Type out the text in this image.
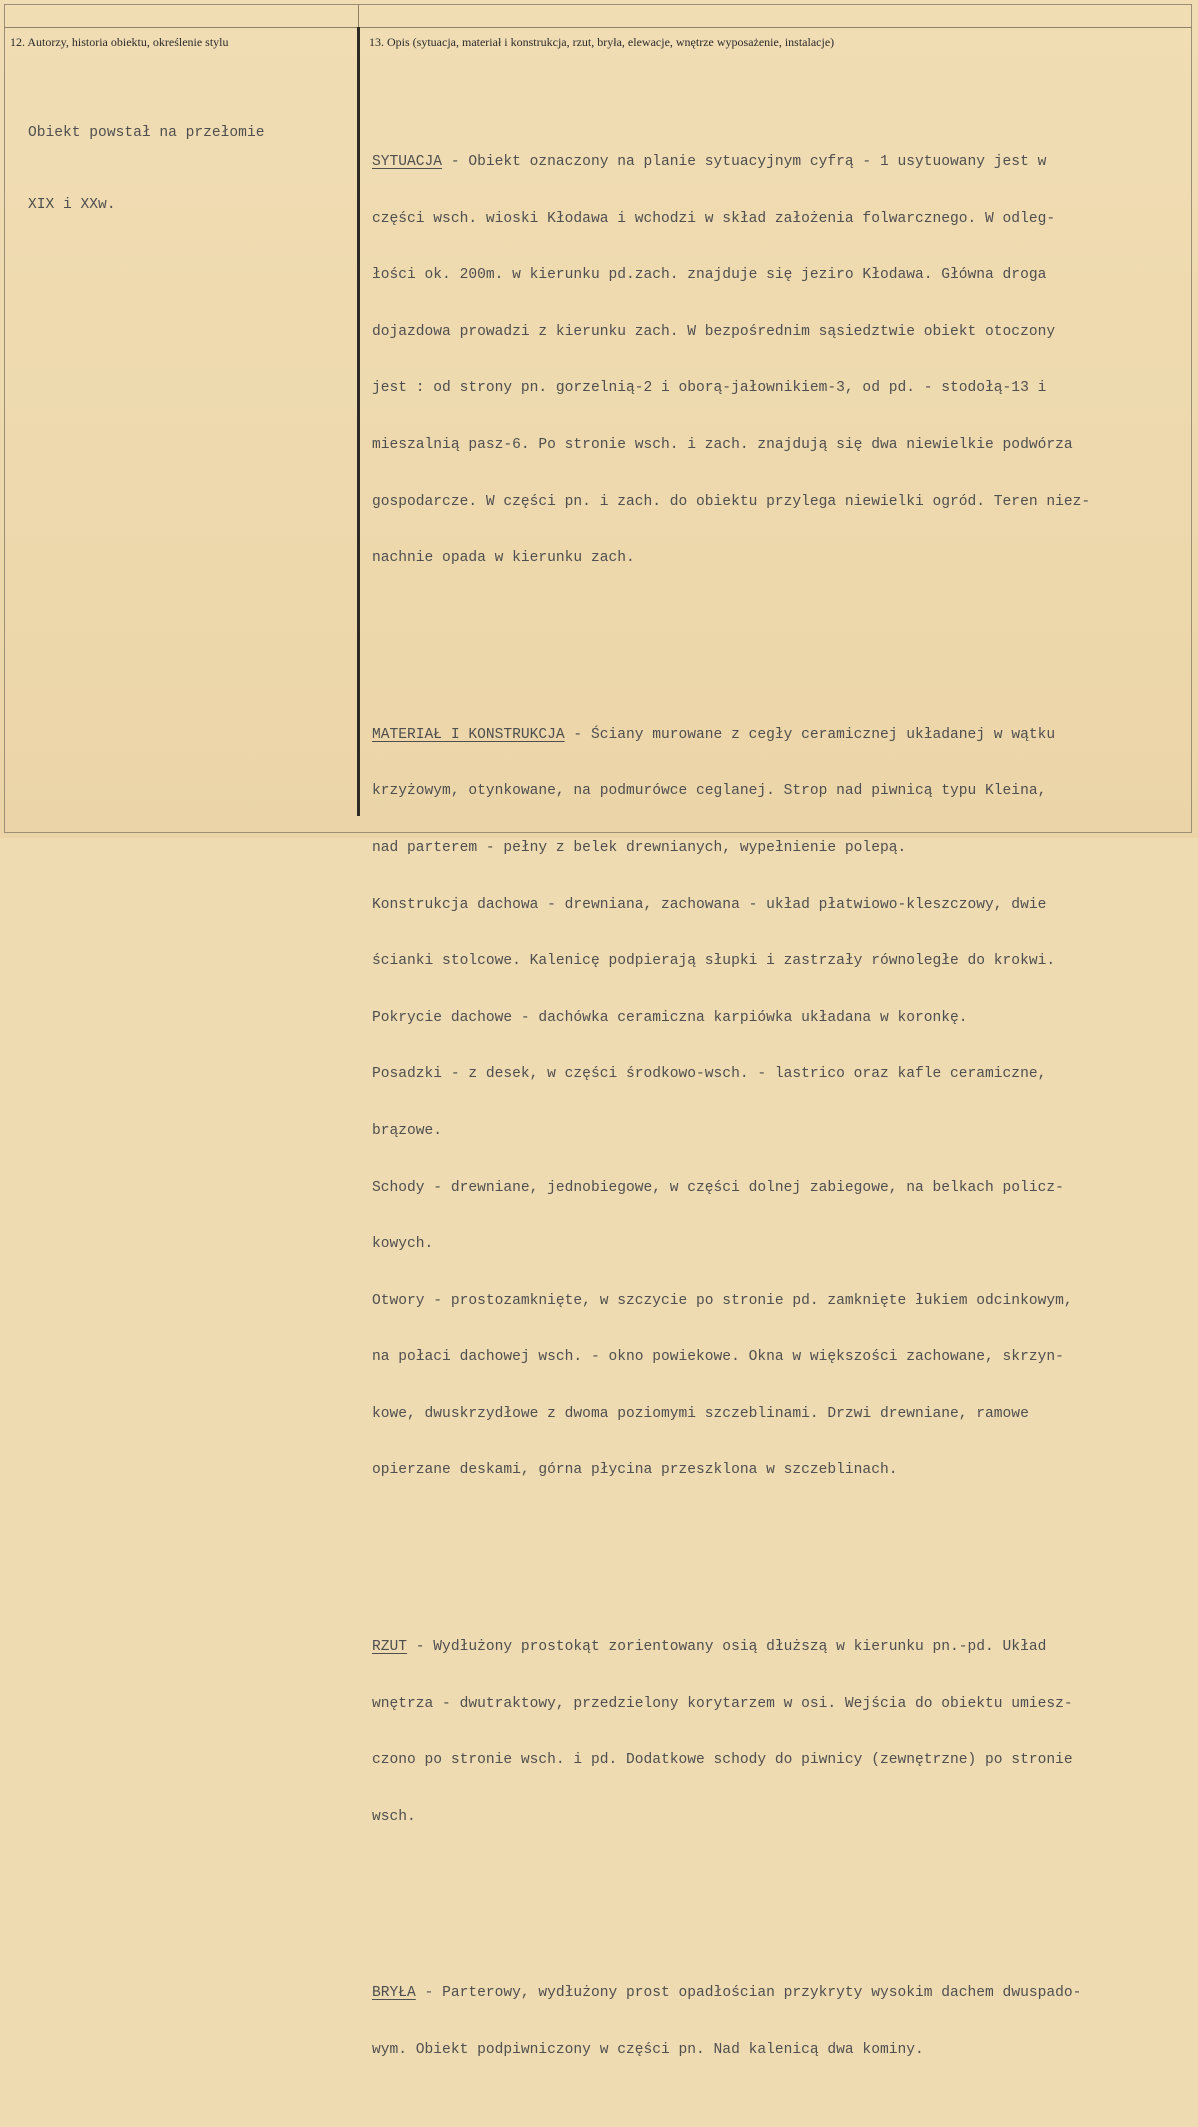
12. Autorzy, historia obiektu, określenie stylu	13. Opis (sytuacja, materiał i konstrukcja, rzut, bryła, elewacje, wnętrze wyposażenie, instalacje)

Obiekt powstał na przełomie

XIX i XXw.

SYTUACJA - Obiekt oznaczony na planie sytuacyjnym cyfrą - 1 usytuowany jest w

części wsch. wioski Kłodawa i wchodzi w skład założenia folwarcznego. W odleg-

łości ok. 200m. w kierunku pd.zach. znajduje się jeziro Kłodawa. Główna droga

dojazdowa prowadzi z kierunku zach. W bezpośrednim sąsiedztwie obiekt otoczony

jest : od strony pn. gorzelnią-2 i oborą-jałownikiem-3, od pd. - stodołą-13 i

mieszalnią pasz-6. Po stronie wsch. i zach. znajdują się dwa niewielkie podwórza

gospodarcze. W części pn. i zach. do obiektu przylega niewielki ogród. Teren niez-

nachnie opada w kierunku zach.

MATERIAŁ I KONSTRUKCJA - Ściany murowane z cegły ceramicznej układanej w wątku

krzyżowym, otynkowane, na podmurówce ceglanej. Strop nad piwnicą typu Kleina,

nad parterem - pełny z belek drewnianych, wypełnienie polepą.

Konstrukcja dachowa - drewniana, zachowana - układ płatwiowo-kleszczowy, dwie

ścianki stolcowe. Kalenicę podpierają słupki i zastrzały równoległe do krokwi.

Pokrycie dachowe - dachówka ceramiczna karpiówka układana w koronkę.

Posadzki - z desek, w części środkowo-wsch. - lastrico oraz kafle ceramiczne,

brązowe.

Schody - drewniane, jednobiegowe, w części dolnej zabiegowe, na belkach policz-

kowych.

Otwory - prostozamknięte, w szczycie po stronie pd. zamknięte łukiem odcinkowym,

na połaci dachowej wsch. - okno powiekowe. Okna w większości zachowane, skrzyn-

kowe, dwuskrzydłowe z dwoma poziomymi szczeblinami. Drzwi drewniane, ramowe

opierzane deskami, górna płycina przeszklona w szczeblinach.

RZUT - Wydłużony prostokąt zorientowany osią dłuższą w kierunku pn.-pd. Układ

wnętrza - dwutraktowy, przedzielony korytarzem w osi. Wejścia do obiektu umiesz-

czono po stronie wsch. i pd. Dodatkowe schody do piwnicy (zewnętrzne) po stronie

wsch.

BRYŁA - Parterowy, wydłużony prost opadłościan przykryty wysokim dachem dwuspado-

wym. Obiekt podpiwniczony w części pn. Nad kalenicą dwa kominy.
